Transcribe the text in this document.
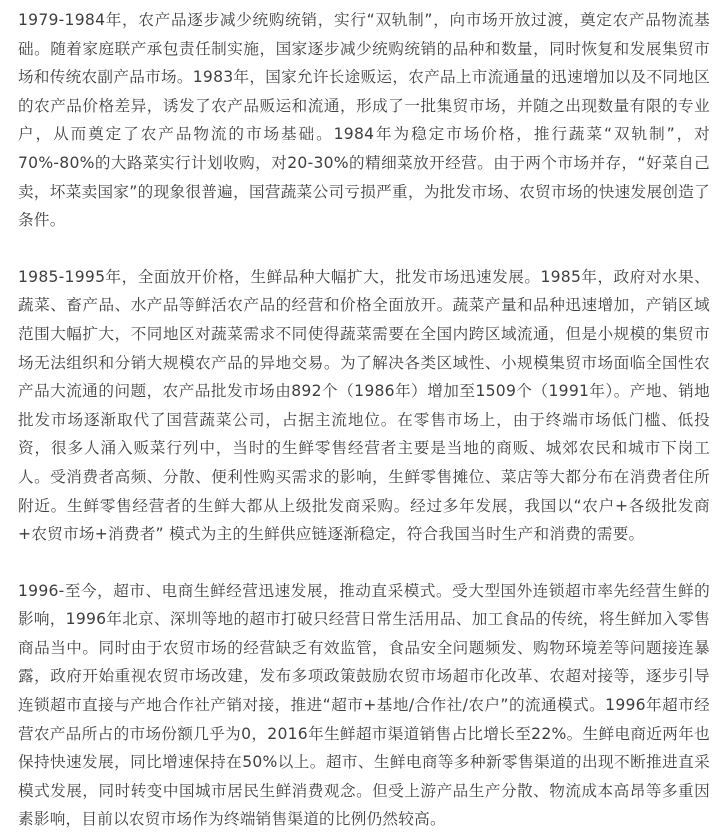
1979-1984年，农产品逐步减少统购统销，实行“双轨制”，向市场开放过渡，奠定农产品物流基础。随着家庭联产承包责任制实施，国家逐步减少统购统销的品种和数量，同时恢复和发展集贸市场和传统农副产品市场。1983年，国家允许长途贩运，农产品上市流通量的迅速增加以及不同地区的农产品价格差异，诱发了农产品贩运和流通，形成了一批集贸市场，并随之出现数量有限的专业户，从而奠定了农产品物流的市场基础。1984年为稳定市场价格，推行蔬菜“双轨制”，对70%-80%的大路菜实行计划收购，对20-30%的精细菜放开经营。由于两个市场并存，“好菜自己卖，坏菜卖国家”的现象很普遍，国营蔬菜公司亏损严重，为批发市场、农贸市场的快速发展创造了条件。

1985-1995年，全面放开价格，生鲜品种大幅扩大，批发市场迅速发展。1985年，政府对水果、蔬菜、畜产品、水产品等鲜活农产品的经营和价格全面放开。蔬菜产量和品种迅速增加，产销区域范围大幅扩大，不同地区对蔬菜需求不同使得蔬菜需要在全国内跨区域流通，但是小规模的集贸市场无法组织和分销大规模农产品的异地交易。为了解决各类区域性、小规模集贸市场面临全国性农产品大流通的问题，农产品批发市场由892个（1986年）增加至1509个（1991年）。产地、销地批发市场逐渐取代了国营蔬菜公司，占据主流地位。在零售市场上，由于终端市场低门槛、低投资，很多人涌入贩菜行列中，当时的生鲜零售经营者主要是当地的商贩、城郊农民和城市下岗工人。受消费者高频、分散、便利性购买需求的影响，生鲜零售摊位、菜店等大都分布在消费者住所附近。生鲜零售经营者的生鲜大都从上级批发商采购。经过多年发展，我国以“农户+各级批发商+农贸市场+消费者” 模式为主的生鲜供应链逐渐稳定，符合我国当时生产和消费的需要。

1996-至今，超市、电商生鲜经营迅速发展，推动直采模式。受大型国外连锁超市率先经营生鲜的影响，1996年北京、深圳等地的超市打破只经营日常生活用品、加工食品的传统，将生鲜加入零售商品当中。同时由于农贸市场的经营缺乏有效监管，食品安全问题频发、购物环境差等问题接连暴露，政府开始重视农贸市场改建，发布多项政策鼓励农贸市场超市化改革、农超对接等，逐步引导连锁超市直接与产地合作社产销对接，推进“超市+基地/合作社/农户”的流通模式。1996年超市经营农产品所占的市场份额几乎为0，2016年生鲜超市渠道销售占比增长至22%。生鲜电商近两年也保持快速发展，同比增速保持在50%以上。超市、生鲜电商等多种新零售渠道的出现不断推进直采模式发展，同时转变中国城市居民生鲜消费观念。但受上游产品生产分散、物流成本高昂等多重因素影响，目前以农贸市场作为终端销售渠道的比例仍然较高。
